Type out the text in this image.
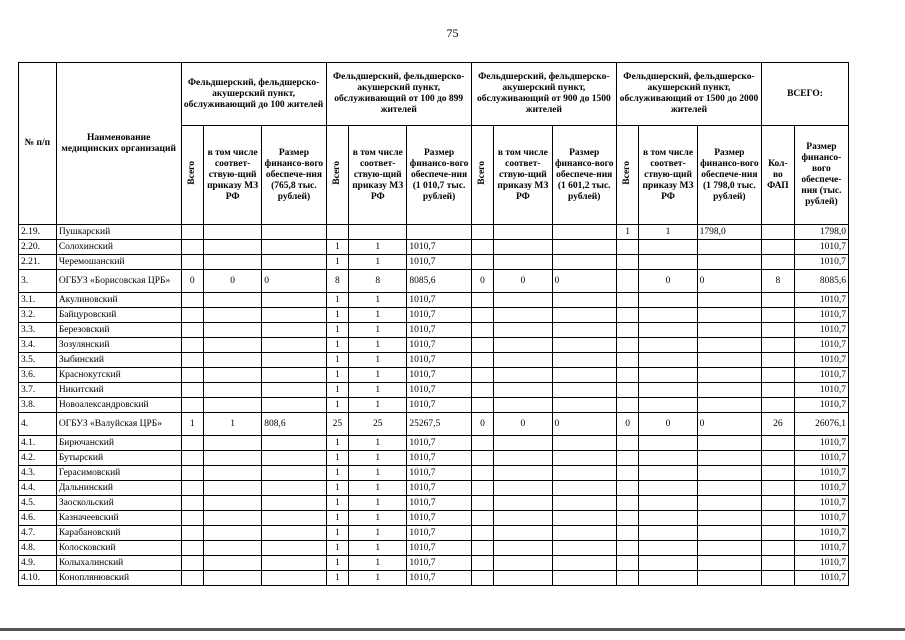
75
№ п/п	Наименование медицинских организаций	Фельдшерский, фельдшерско-акушерский пункт, обслуживающий до 100 жителей			Фельдшерский, фельдшерско-акушерский пункт, обслуживающий от 100 до 899 жителей			Фельдшерский, фельдшерско-акушерский пункт, обслуживающий от 900 до 1500 жителей			Фельдшерский, фельдшерско-акушерский пункт, обслуживающий от 1500 до 2000 жителей			ВСЕГО:	
		Всего	в том числе соответ-ствую-щий приказу МЗ РФ	Размер финансо-вого обеспече-ния (765,8 тыс. рублей)	Всего	в том числе соответ-ствую-щий приказу МЗ РФ	Размер финансо-вого обеспече-ния (1 010,7 тыс. рублей)	Всего	в том числе соответ-ствую-щий приказу МЗ РФ	Размер финансо-вого обеспече-ния (1 601,2 тыс. рублей)	Всего	в том числе соответ-ствую-щий приказу МЗ РФ	Размер финансо-вого обеспече-ния (1 798,0 тыс. рублей)	Кол-во ФАП	Размер финансо-вого обеспече-ния (тыс. рублей)
2.19.	Пушкарский										1	1	1798,0		1798,0
2.20.	Солохинский				1	1	1010,7								1010,7
2.21.	Черемошанский				1	1	1010,7								1010,7
3.	ОГБУЗ «Борисовская ЦРБ»	0	0	0	8	8	8085,6	0	0	0		0	0	8	8085,6
3.1.	Акулиновский				1	1	1010,7								1010,7
3.2.	Байцуровский				1	1	1010,7								1010,7
3.3.	Березовский				1	1	1010,7								1010,7
3.4.	Зозулянский				1	1	1010,7								1010,7
3.5.	Зыбинский				1	1	1010,7								1010,7
3.6.	Краснокутский				1	1	1010,7								1010,7
3.7.	Никитский				1	1	1010,7								1010,7
3.8.	Новоалександровский				1	1	1010,7								1010,7
4.	ОГБУЗ «Валуйская ЦРБ»	1	1	808,6	25	25	25267,5	0	0	0	0	0	0	26	26076,1
4.1.	Бирючанский				1	1	1010,7								1010,7
4.2.	Бутырский				1	1	1010,7								1010,7
4.3.	Герасимовский				1	1	1010,7								1010,7
4.4.	Дальнинский				1	1	1010,7								1010,7
4.5.	Заоскольский				1	1	1010,7								1010,7
4.6.	Казначеевский				1	1	1010,7								1010,7
4.7.	Карабановский				1	1	1010,7								1010,7
4.8.	Колосковский				1	1	1010,7								1010,7
4.9.	Колыхалинский				1	1	1010,7								1010,7
4.10.	Коноплянювский				1	1	1010,7								1010,7
